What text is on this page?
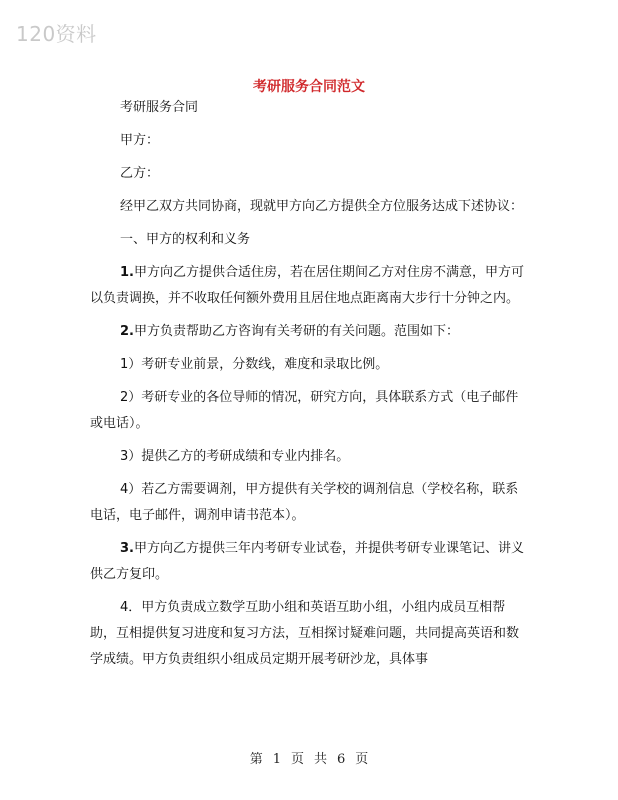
120资料
考研服务合同范文

考研服务合同

甲方：

乙方：

经甲乙双方共同协商，现就甲方向乙方提供全方位服务达成下述协议：

一、甲方的权利和义务

1.甲方向乙方提供合适住房，若在居住期间乙方对住房不满意，甲方可以负责调换，并不收取任何额外费用且居住地点距离南大步行十分钟之内。

2.甲方负责帮助乙方咨询有关考研的有关问题。范围如下：

1）考研专业前景，分数线，难度和录取比例。

2）考研专业的各位导师的情况，研究方向，具体联系方式（电子邮件或电话）。

3）提供乙方的考研成绩和专业内排名。

4）若乙方需要调剂，甲方提供有关学校的调剂信息（学校名称，联系电话，电子邮件，调剂申请书范本）。

3.甲方向乙方提供三年内考研专业试卷，并提供考研专业课笔记、讲义供乙方复印。

4．甲方负责成立数学互助小组和英语互助小组，小组内成员互相帮助，互相提供复习进度和复习方法，互相探讨疑难问题，共同提高英语和数学成绩。甲方负责组织小组成员定期开展考研沙龙，具体事

第 1 页 共 6 页
